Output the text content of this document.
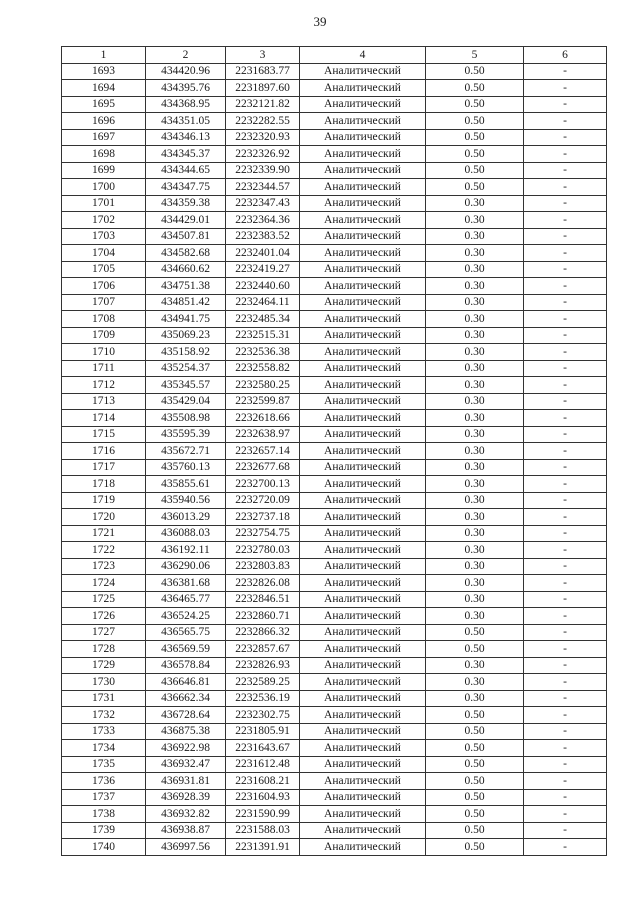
39
1	2	3	4	5	6
1693	434420.96	2231683.77	Аналитический	0.50	-
1694	434395.76	2231897.60	Аналитический	0.50	-
1695	434368.95	2232121.82	Аналитический	0.50	-
1696	434351.05	2232282.55	Аналитический	0.50	-
1697	434346.13	2232320.93	Аналитический	0.50	-
1698	434345.37	2232326.92	Аналитический	0.50	-
1699	434344.65	2232339.90	Аналитический	0.50	-
1700	434347.75	2232344.57	Аналитический	0.50	-
1701	434359.38	2232347.43	Аналитический	0.30	-
1702	434429.01	2232364.36	Аналитический	0.30	-
1703	434507.81	2232383.52	Аналитический	0.30	-
1704	434582.68	2232401.04	Аналитический	0.30	-
1705	434660.62	2232419.27	Аналитический	0.30	-
1706	434751.38	2232440.60	Аналитический	0.30	-
1707	434851.42	2232464.11	Аналитический	0.30	-
1708	434941.75	2232485.34	Аналитический	0.30	-
1709	435069.23	2232515.31	Аналитический	0.30	-
1710	435158.92	2232536.38	Аналитический	0.30	-
1711	435254.37	2232558.82	Аналитический	0.30	-
1712	435345.57	2232580.25	Аналитический	0.30	-
1713	435429.04	2232599.87	Аналитический	0.30	-
1714	435508.98	2232618.66	Аналитический	0.30	-
1715	435595.39	2232638.97	Аналитический	0.30	-
1716	435672.71	2232657.14	Аналитический	0.30	-
1717	435760.13	2232677.68	Аналитический	0.30	-
1718	435855.61	2232700.13	Аналитический	0.30	-
1719	435940.56	2232720.09	Аналитический	0.30	-
1720	436013.29	2232737.18	Аналитический	0.30	-
1721	436088.03	2232754.75	Аналитический	0.30	-
1722	436192.11	2232780.03	Аналитический	0.30	-
1723	436290.06	2232803.83	Аналитический	0.30	-
1724	436381.68	2232826.08	Аналитический	0.30	-
1725	436465.77	2232846.51	Аналитический	0.30	-
1726	436524.25	2232860.71	Аналитический	0.30	-
1727	436565.75	2232866.32	Аналитический	0.50	-
1728	436569.59	2232857.67	Аналитический	0.50	-
1729	436578.84	2232826.93	Аналитический	0.30	-
1730	436646.81	2232589.25	Аналитический	0.30	-
1731	436662.34	2232536.19	Аналитический	0.30	-
1732	436728.64	2232302.75	Аналитический	0.50	-
1733	436875.38	2231805.91	Аналитический	0.50	-
1734	436922.98	2231643.67	Аналитический	0.50	-
1735	436932.47	2231612.48	Аналитический	0.50	-
1736	436931.81	2231608.21	Аналитический	0.50	-
1737	436928.39	2231604.93	Аналитический	0.50	-
1738	436932.82	2231590.99	Аналитический	0.50	-
1739	436938.87	2231588.03	Аналитический	0.50	-
1740	436997.56	2231391.91	Аналитический	0.50	-
